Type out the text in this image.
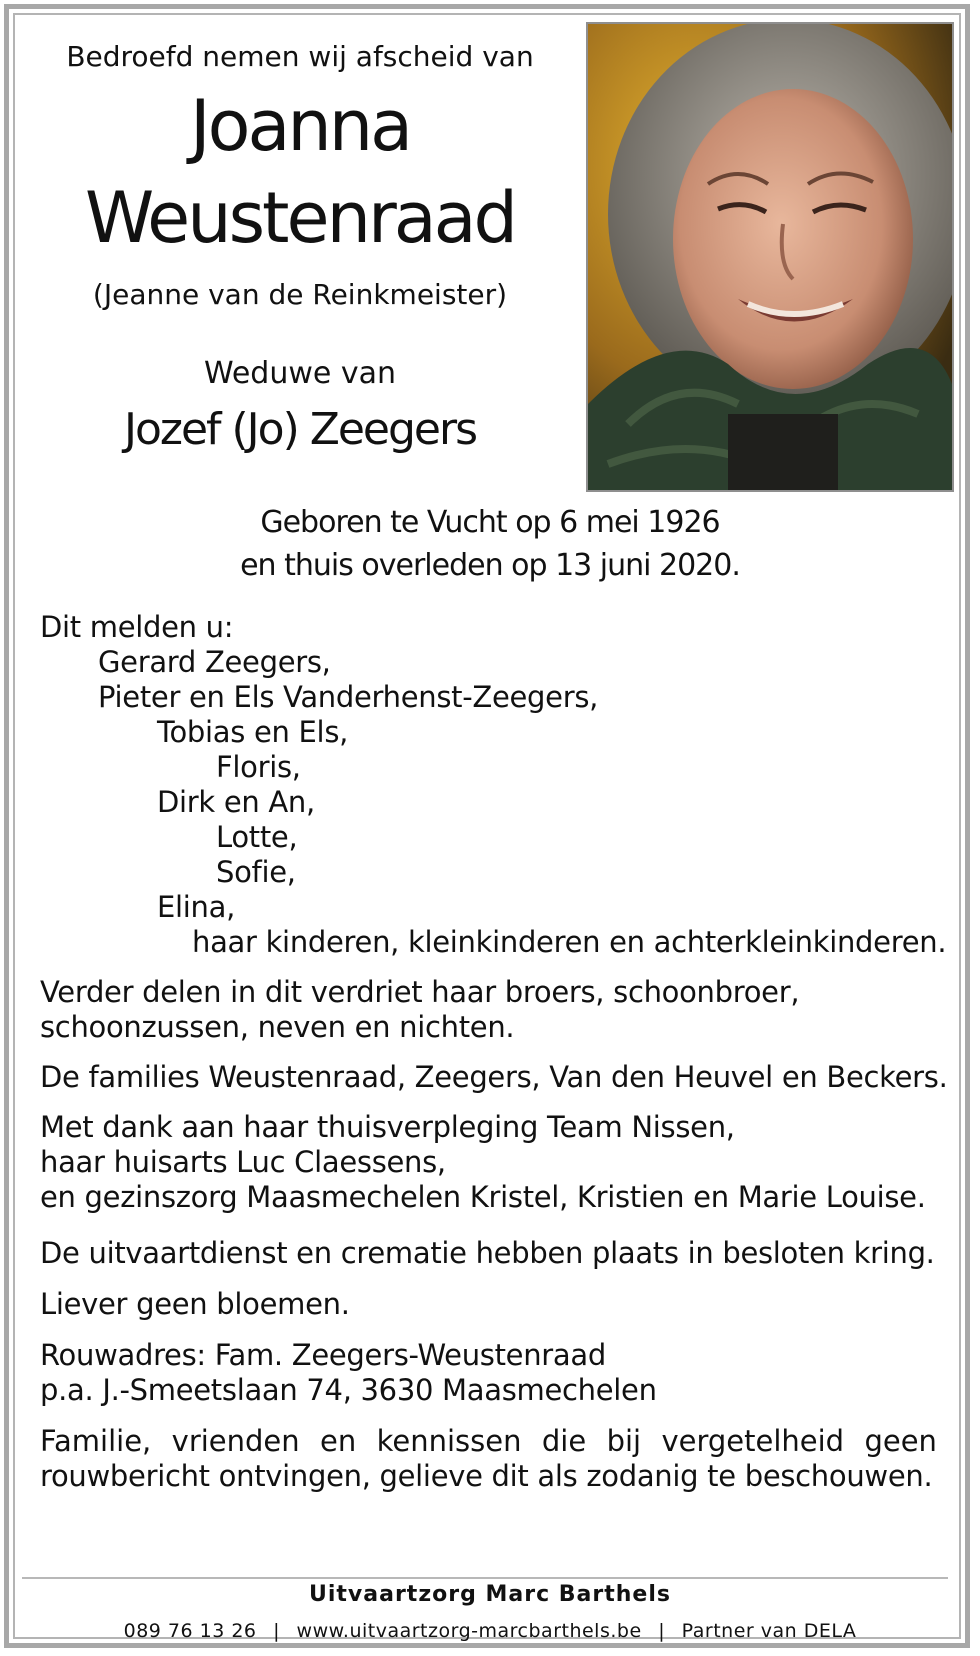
Bedroefd nemen wij afscheid van
Joanna
Weustenraad
(Jeanne van de Reinkmeister)
Weduwe van
Jozef (Jo) Zeegers
Geboren te Vucht op 6 mei 1926
en thuis overleden op 13 juni 2020.
Dit melden u:
Gerard Zeegers,
Pieter en Els Vanderhenst-Zeegers,
Tobias en Els,
Floris,
Dirk en An,
Lotte,
Sofie,
Elina,
haar kinderen, kleinkinderen en achterkleinkinderen.
Verder delen in dit verdriet haar broers, schoonbroer,
schoonzussen, neven en nichten.
De families Weustenraad, Zeegers, Van den Heuvel en Beckers.
Met dank aan haar thuisverpleging Team Nissen,
haar huisarts Luc Claessens,
en gezinszorg Maasmechelen Kristel, Kristien en Marie Louise.
De uitvaartdienst en crematie hebben plaats in besloten kring.
Liever geen bloemen.
Rouwadres: Fam. Zeegers-Weustenraad
p.a. J.-Smeetslaan 74, 3630 Maasmechelen
Familie, vrienden en kennissen die bij vergetelheid geen
rouwbericht ontvingen, gelieve dit als zodanig te beschouwen.
Uitvaartzorg Marc Barthels
089 76 13 26 | www.uitvaartzorg-marcbarthels.be | Partner van DELA
